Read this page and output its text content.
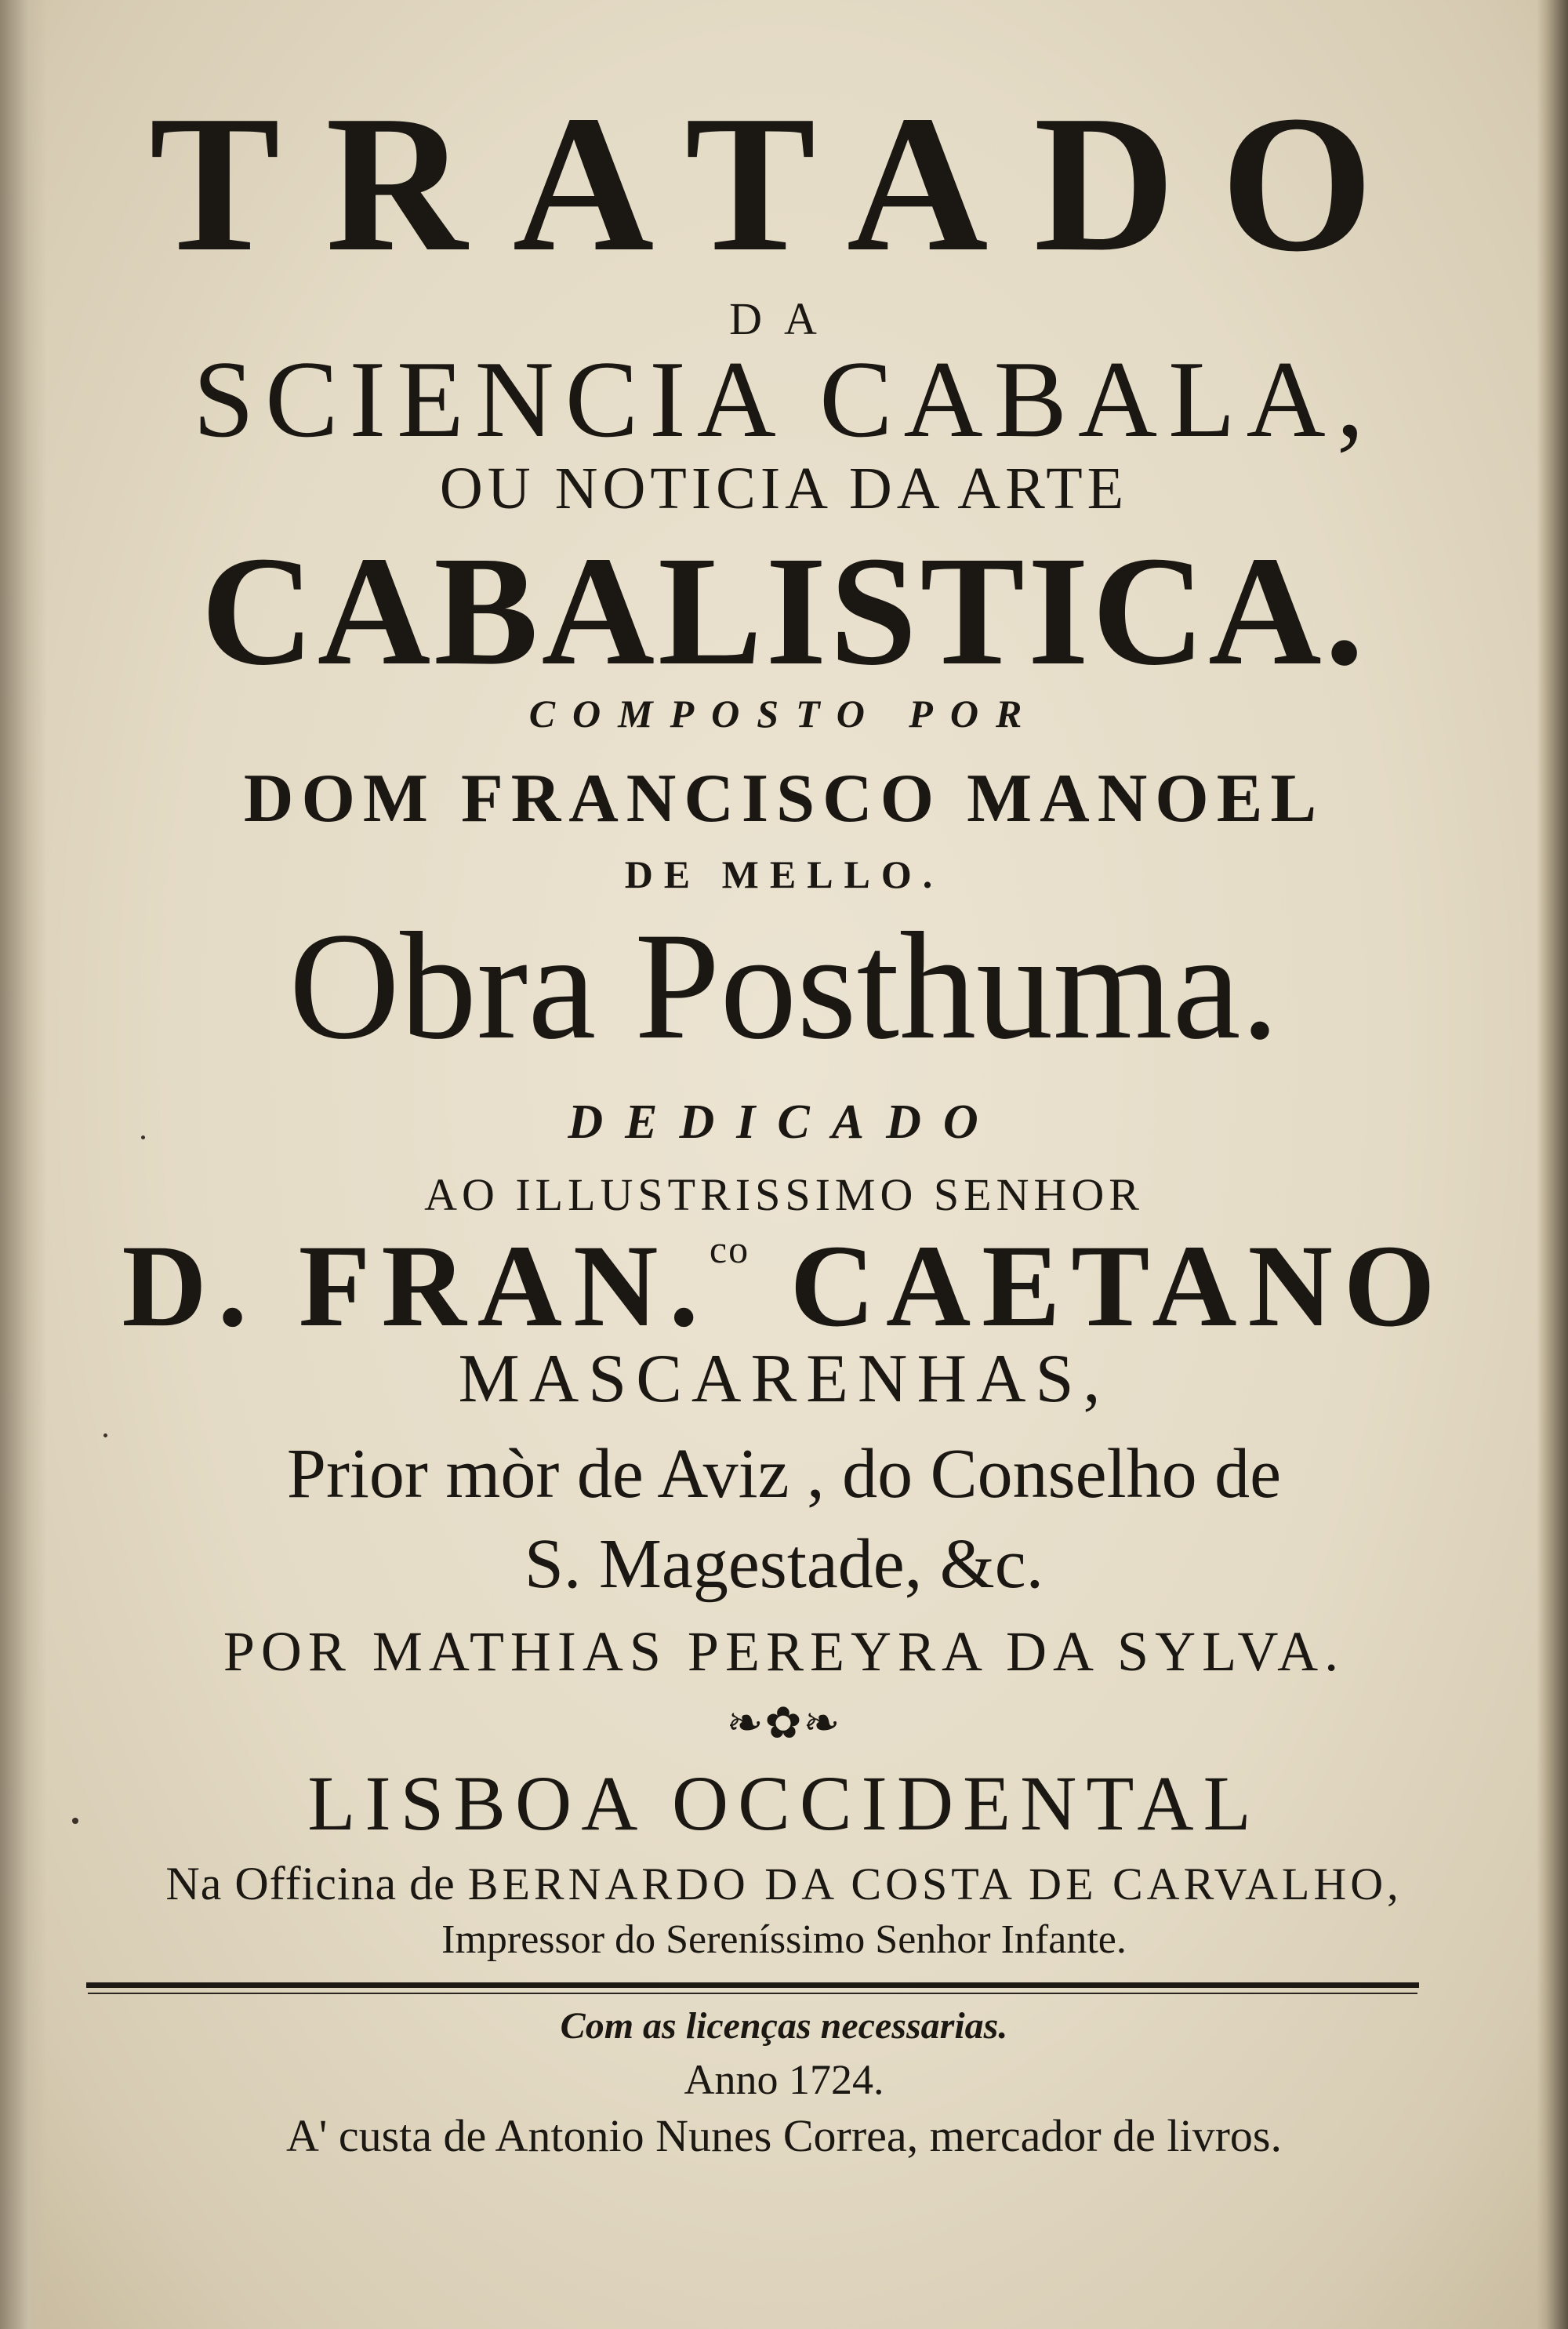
TRATADO
DA
SCIENCIA CABALA,
OU NOTICIA DA ARTE
CABALISTICA.
COMPOSTO POR
DOM FRANCISCO MANOEL
DE MELLO.
Obra Posthuma.
DEDICADO
AO ILLUSTRISSIMO SENHOR
D. FRAN.$^{co}$ CAETANO
MASCARENHAS,
Prior mòr de Aviz , do Conselho de
S. Magestade, &c.
POR MATHIAS PEREYRA DA SYLVA.
❧✿❧
LISBOA OCCIDENTAL
Na Officina de BERNARDO DA COSTA DE CARVALHO,
Impressor do Sereníssimo Senhor Infante.
Com as licenças necessarias.
Anno 1724.
A' custa de Antonio Nunes Correa, mercador de livros.
